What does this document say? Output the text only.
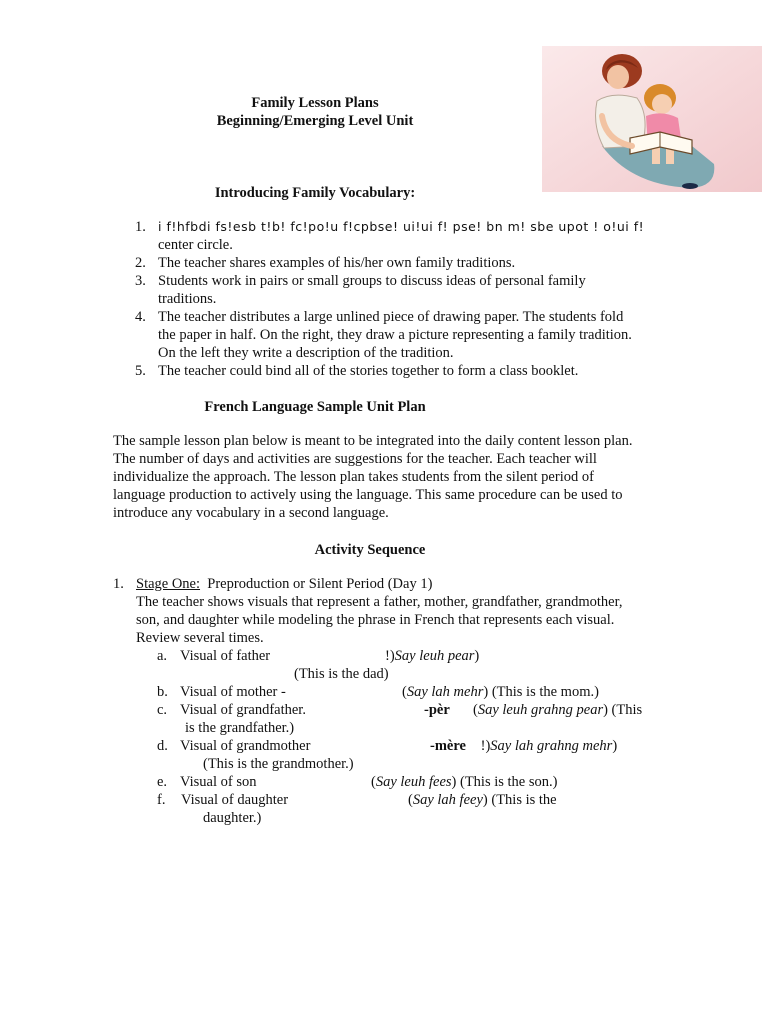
Family Lesson Plans
Beginning/Emerging Level Unit
Introducing Family Vocabulary:
1. i f!hfbdi fs!esb t!b! fc!po!u f!cpbse! ui!ui f! pse! bn m! sbe upot ! o!ui f!
center circle.
2. The teacher shares examples of his/her own family traditions.
3. Students work in pairs or small groups to discuss ideas of personal family
traditions.
4. The teacher distributes a large unlined piece of drawing paper. The students fold
the paper in half. On the right, they draw a picture representing a family tradition.
On the left they write a description of the tradition.
5. The teacher could bind all of the stories together to form a class booklet.
French Language Sample Unit Plan
The sample lesson plan below is meant to be integrated into the daily content lesson plan.
The number of days and activities are suggestions for the teacher. Each teacher will
individualize the approach. The lesson plan takes students from the silent period of
language production to actively using the language. This same procedure can be used to
introduce any vocabulary in a second language.
Activity Sequence
1. Stage One:  Preproduction or Silent Period (Day 1)
The teacher shows visuals that represent a father, mother, grandfather, grandmother,
son, and daughter while modeling the phrase in French that represents each visual.
Review several times.
a. Visual of father	!)Say leuh pear)
(This is the dad)
b. Visual of mother -	(Say lah mehr) (This is the mom.)
c. Visual of grandfather.	-pèr (Say leuh grahng pear) (This
is the grandfather.)
d. Visual of grandmother	-mère !)Say lah grahng mehr)
(This is the grandmother.)
e. Visual of son	(Say leuh fees) (This is the son.)
f. Visual of daughter	(Say lah feey) (This is the
daughter.)
